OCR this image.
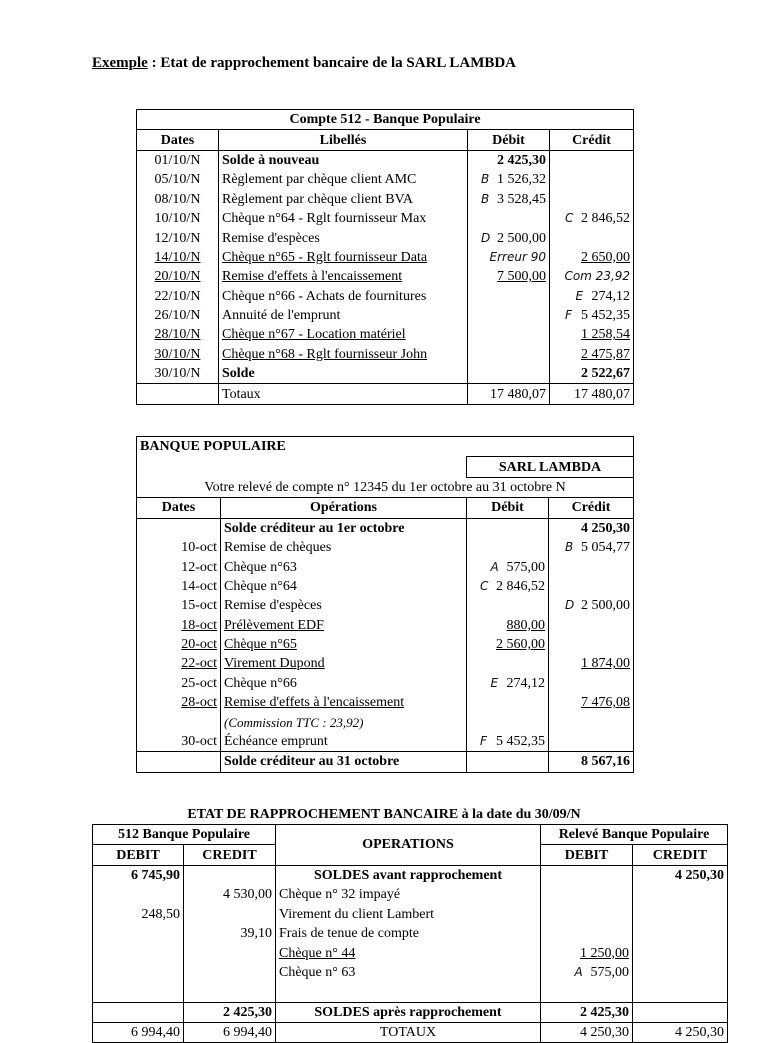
Exemple : Etat de rapprochement bancaire de la SARL LAMBDA
Compte 512 - Banque Populaire			
Dates	Libellés	Débit	Crédit
01/10/N	Solde à nouveau	2 425,30	
05/10/N	Règlement par chèque client AMC	B 1 526,32	
08/10/N	Règlement par chèque client BVA	B 3 528,45	
10/10/N	Chèque n°64 - Rglt fournisseur Max		C 2 846,52
12/10/N	Remise d'espèces	D 2 500,00	
14/10/N	Chèque n°65 - Rglt fournisseur Data	Erreur 90	2 650,00
20/10/N	Remise d'effets à l'encaissement	7 500,00	Com 23,92
22/10/N	Chèque n°66 - Achats de fournitures		E 274,12
26/10/N	Annuité de l'emprunt		F 5 452,35
28/10/N	Chèque n°67 - Location matériel		1 258,54
30/10/N	Chèque n°68 - Rglt fournisseur John		2 475,87
30/10/N	Solde		2 522,67
	Totaux	17 480,07	17 480,07
BANQUE POPULAIRE			
		SARL LAMBDA	
Votre relevé de compte n° 12345 du 1er octobre au 31 octobre N			
Dates	Opérations	Débit	Crédit
	Solde créditeur au 1er octobre		4 250,30
10-oct	Remise de chèques		B 5 054,77
12-oct	Chèque n°63	A 575,00	
14-oct	Chèque n°64	C 2 846,52	
15-oct	Remise d'espèces		D 2 500,00
18-oct	Prélèvement EDF	880,00	
20-oct	Chèque n°65	2 560,00	
22-oct	Virement Dupond		1 874,00
25-oct	Chèque n°66	E 274,12	
28-oct	Remise d'effets à l'encaissement		7 476,08
	(Commission TTC : 23,92)		
30-oct	Échéance emprunt	F 5 452,35	
	Solde créditeur au 31 octobre		8 567,16
ETAT DE RAPPROCHEMENT BANCAIRE à la date du 30/09/N
512 Banque Populaire		OPERATIONS	Relevé Banque Populaire	
DEBIT	CREDIT		DEBIT	CREDIT
6 745,90		SOLDES avant rapprochement		4 250,30
	4 530,00	Chèque n° 32 impayé		
248,50		Virement du client Lambert		
	39,10	Frais de tenue de compte		
		Chèque n° 44	1 250,00	
		Chèque n° 63	A 575,00	

	2 425,30	SOLDES après rapprochement	2 425,30	
6 994,40	6 994,40	TOTAUX	4 250,30	4 250,30
